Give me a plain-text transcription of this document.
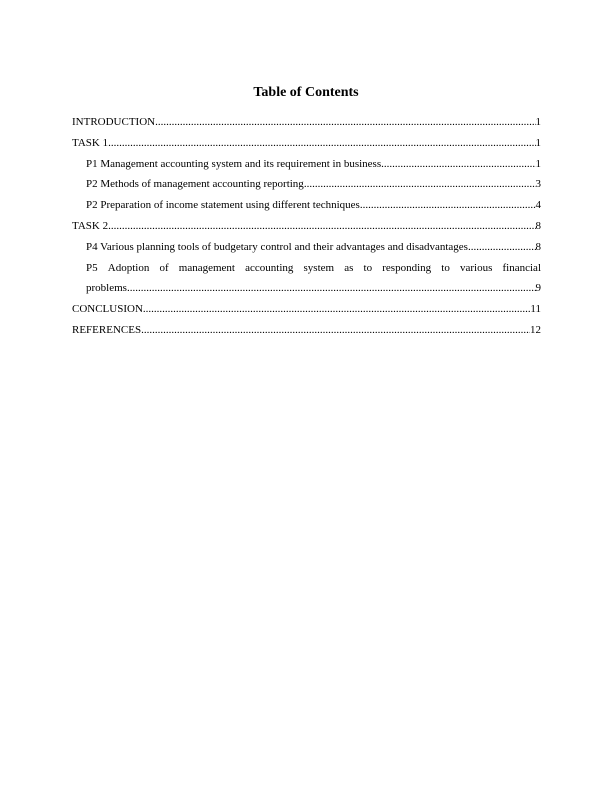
Table of Contents
INTRODUCTION .....	1
TASK 1 .....	1
P1 Management accounting system and its requirement in business .....	1
P2 Methods of management accounting reporting .....	3
P2 Preparation of income statement using different techniques .....	4
TASK 2 .....	8
P4 Various planning tools of budgetary control and their advantages and disadvantages .....	8
P5 Adoption of management accounting system as to responding to various financial
problems .....	9
CONCLUSION .....	11
REFERENCES .....	12
